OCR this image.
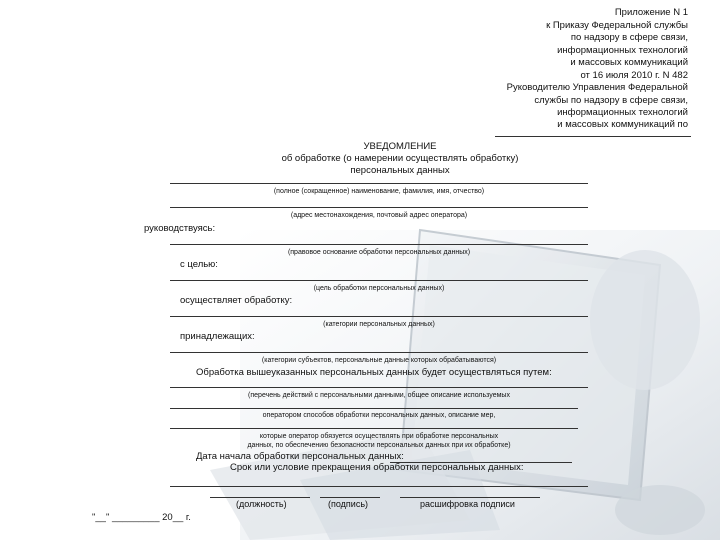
Приложение N 1
к Приказу Федеральной службы
по надзору в сфере связи,
информационных технологий
и массовых коммуникаций
от 16 июля 2010 г. N 482
Руководителю Управления Федеральной
службы по надзору в сфере связи,
информационных технологий
и массовых коммуникаций по
УВЕДОМЛЕНИЕ
об обработке (о намерении осуществлять обработку)
персональных данных
(полное (сокращенное) наименование, фамилия, имя, отчество)
(адрес местонахождения, почтовый адрес оператора)
руководствуясь:
(правовое основание обработки персональных данных)
с целью:
(цель обработки персональных данных)
осуществляет обработку:
(категории персональных данных)
принадлежащих:
(категории субъектов, персональные данные которых обрабатываются)
Обработка вышеуказанных персональных данных будет осуществляться путем:
(перечень действий с персональными данными, общее описание используемых
оператором способов обработки персональных данных, описание мер,
которые оператор обязуется осуществлять при обработке персональных
данных, по обеспечению безопасности персональных данных при их обработке)
Дата начала обработки персональных данных:
Срок или условие прекращения обработки персональных данных:
(должность)	(подпись)	расшифровка подписи
"__" _________ 20__ г.
